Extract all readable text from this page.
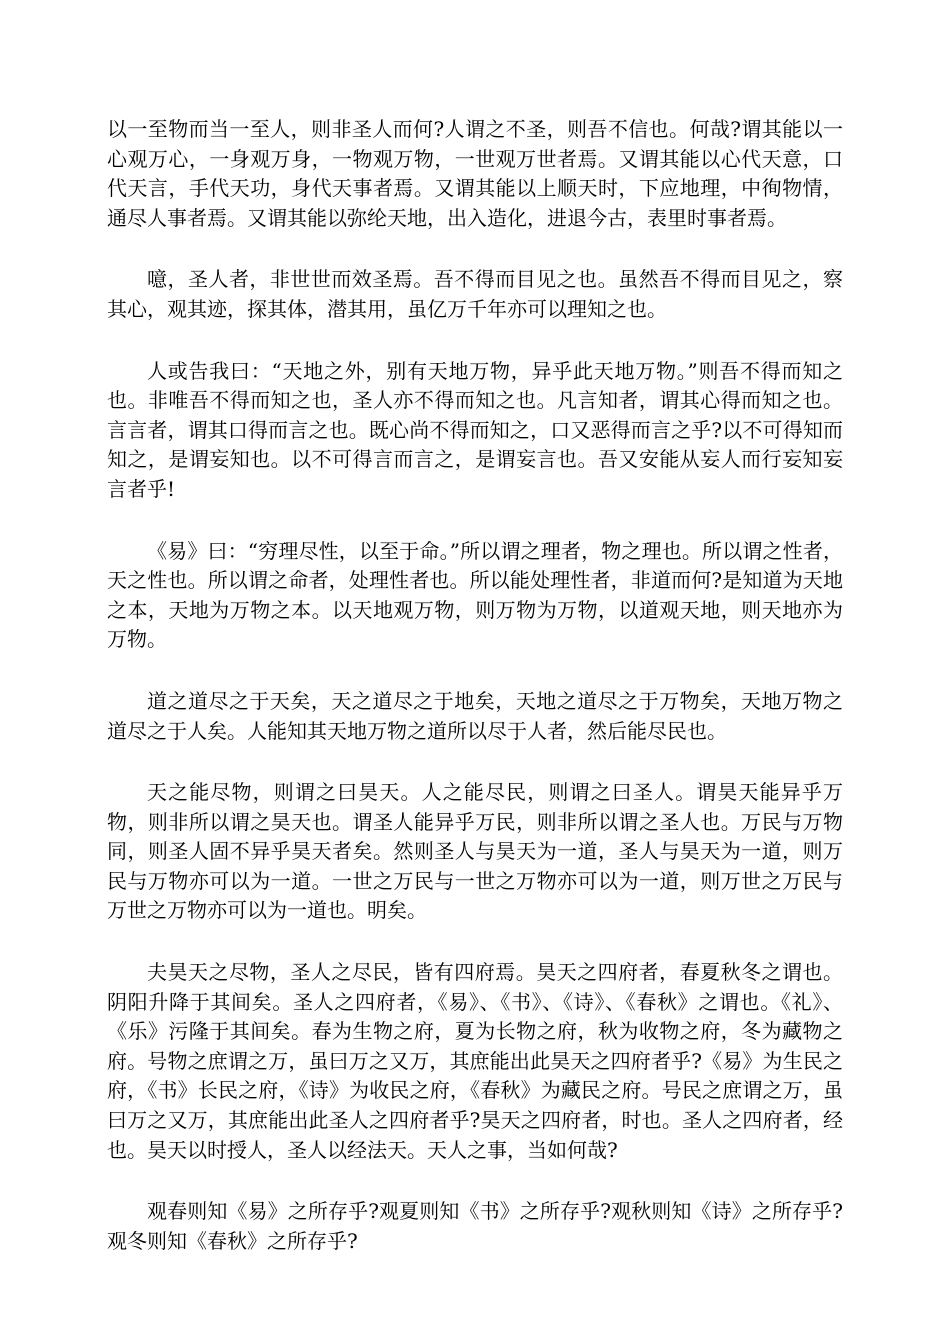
以一至物而当一至人，则非圣人而何?人谓之不圣，则吾不信也。何哉?谓其能以一心观万心，一身观万身，一物观万物，一世观万世者焉。又谓其能以心代天意，口代天言，手代天功，身代天事者焉。又谓其能以上顺天时，下应地理，中徇物情，通尽人事者焉。又谓其能以弥纶天地，出入造化，进退今古，表里时事者焉。

噫，圣人者，非世世而效圣焉。吾不得而目见之也。虽然吾不得而目见之，察其心，观其迹，探其体，潜其用，虽亿万千年亦可以理知之也。

人或告我曰：“天地之外，别有天地万物，异乎此天地万物。”则吾不得而知之也。非唯吾不得而知之也，圣人亦不得而知之也。凡言知者，谓其心得而知之也。言言者，谓其口得而言之也。既心尚不得而知之，口又恶得而言之乎?以不可得知而知之，是谓妄知也。以不可得言而言之，是谓妄言也。吾又安能从妄人而行妄知妄言者乎!

《易》曰：“穷理尽性，以至于命。”所以谓之理者，物之理也。所以谓之性者，天之性也。所以谓之命者，处理性者也。所以能处理性者，非道而何?是知道为天地之本，天地为万物之本。以天地观万物，则万物为万物，以道观天地，则天地亦为万物。

道之道尽之于天矣，天之道尽之于地矣，天地之道尽之于万物矣，天地万物之道尽之于人矣。人能知其天地万物之道所以尽于人者，然后能尽民也。

天之能尽物，则谓之曰昊天。人之能尽民，则谓之曰圣人。谓昊天能异乎万物，则非所以谓之昊天也。谓圣人能异乎万民，则非所以谓之圣人也。万民与万物同，则圣人固不异乎昊天者矣。然则圣人与昊天为一道，圣人与昊天为一道，则万民与万物亦可以为一道。一世之万民与一世之万物亦可以为一道，则万世之万民与万世之万物亦可以为一道也。明矣。

夫昊天之尽物，圣人之尽民，皆有四府焉。昊天之四府者，春夏秋冬之谓也。阴阳升降于其间矣。圣人之四府者，《易》、《书》、《诗》、《春秋》之谓也。《礼》、《乐》污隆于其间矣。春为生物之府，夏为长物之府，秋为收物之府，冬为藏物之府。号物之庶谓之万，虽曰万之又万，其庶能出此昊天之四府者乎?《易》为生民之府，《书》长民之府，《诗》为收民之府，《春秋》为藏民之府。号民之庶谓之万，虽曰万之又万，其庶能出此圣人之四府者乎?昊天之四府者，时也。圣人之四府者，经也。昊天以时授人，圣人以经法天。天人之事，当如何哉?

观春则知《易》之所存乎?观夏则知《书》之所存乎?观秋则知《诗》之所存乎?观冬则知《春秋》之所存乎?
